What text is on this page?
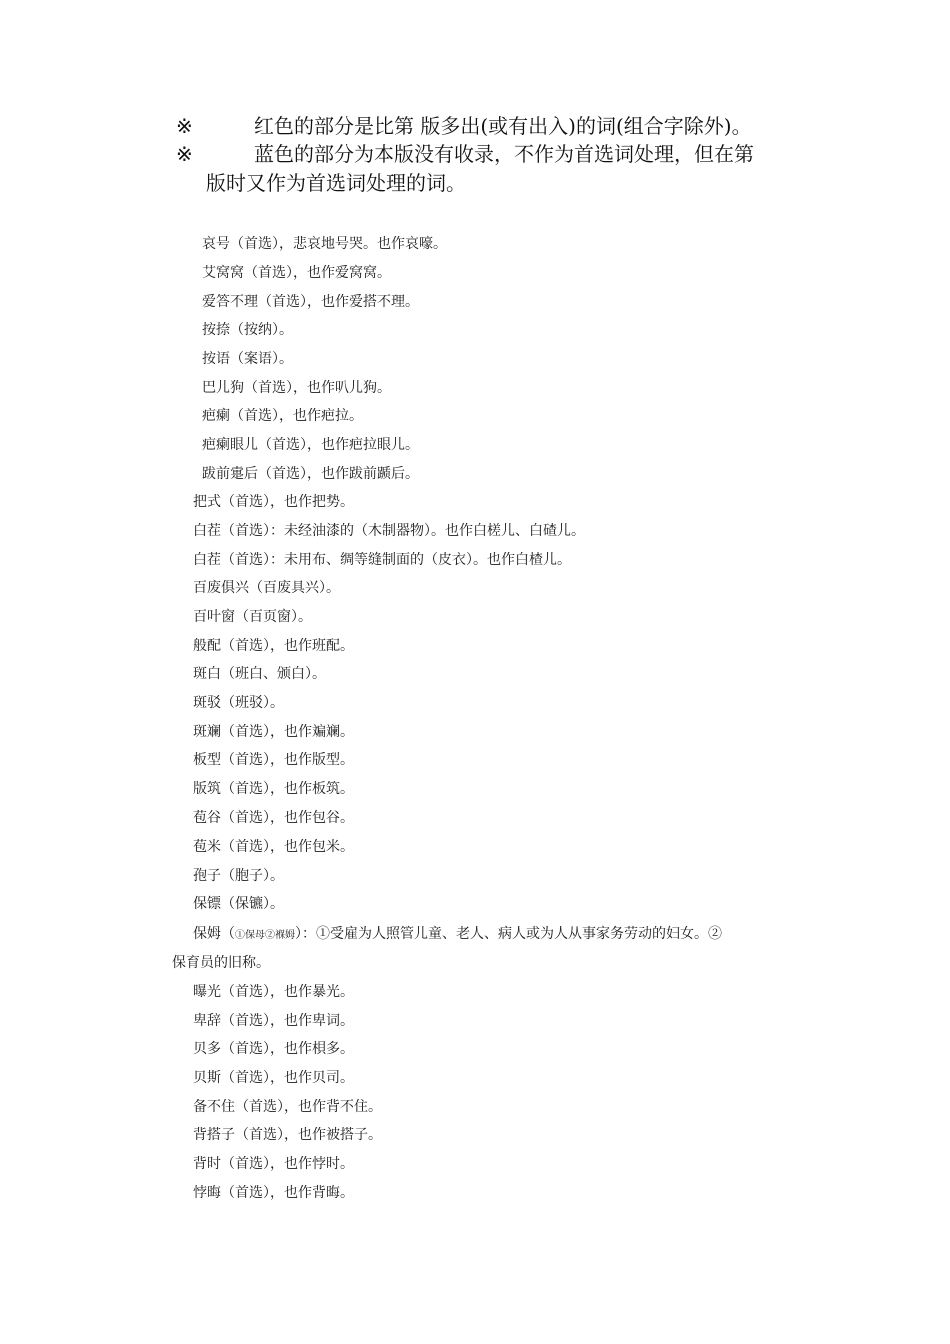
※	红色的部分是比第 版多出(或有出入)的词(组合字除外)。
※	蓝色的部分为本版没有收录，不作为首选词处理，但在第
版时又作为首选词处理的词。
哀号（首选），悲哀地号哭。也作哀嚎。
艾窝窝（首选），也作爱窝窝。
爱答不理（首选），也作爱搭不理。
按捺（按纳）。
按语（案语）。
巴儿狗（首选），也作叭儿狗。
疤瘌（首选），也作疤拉。
疤瘌眼儿（首选），也作疤拉眼儿。
跋前疐后（首选），也作跋前踬后。
把式（首选），也作把势。
白茬（首选）：未经油漆的（木制器物）。也作白槎儿、白碴儿。
白茬（首选）：未用布、绸等缝制面的（皮衣）。也作白楂儿。
百废俱兴（百废具兴）。
百叶窗（百页窗）。
般配（首选），也作班配。
斑白（班白、颁白）。
斑驳（班驳）。
斑斓（首选），也作斒斓。
板型（首选），也作版型。
版筑（首选），也作板筑。
苞谷（首选），也作包谷。
苞米（首选），也作包米。
孢子（胞子）。
保镖（保镳）。
曝光（首选），也作暴光。
卑辞（首选），也作卑词。
贝多（首选），也作梖多。
贝斯（首选），也作贝司。
备不住（首选），也作背不住。
背搭子（首选），也作被搭子。
背时（首选），也作悖时。
悖晦（首选），也作背晦。
保姆（①保母②褓姆）：①受雇为人照管儿童、老人、病人或为人从事家务劳动的妇女。②
保育员的旧称。
